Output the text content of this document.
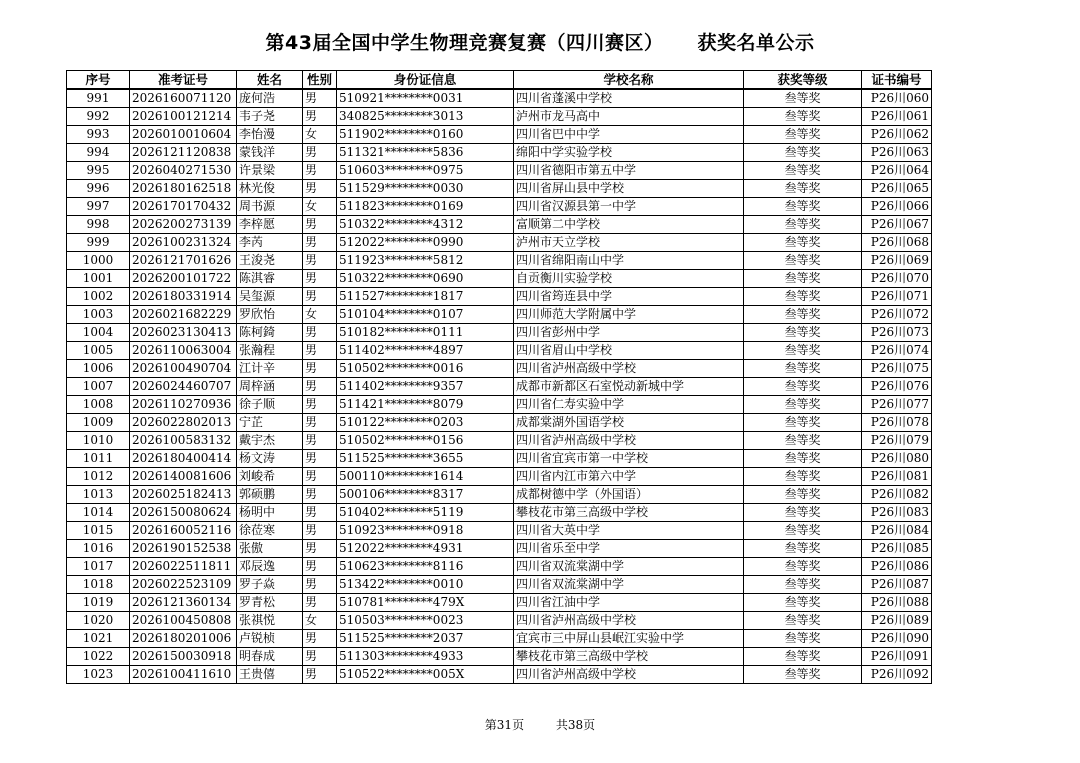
第43届全国中学生物理竞赛复赛（四川赛区） 获奖名单公示
序号	准考证号	姓名	性别	身份证信息	学校名称	获奖等级	证书编号
991	2026160071120	庞何浩	男	510921********0031	四川省蓬溪中学校	叁等奖	P26川060
992	2026100121214	韦子尧	男	340825********3013	泸州市龙马高中	叁等奖	P26川061
993	2026010010604	李怡漫	女	511902********0160	四川省巴中中学	叁等奖	P26川062
994	2026121120838	蒙钱洋	男	511321********5836	绵阳中学实验学校	叁等奖	P26川063
995	2026040271530	许景梁	男	510603********0975	四川省德阳市第五中学	叁等奖	P26川064
996	2026180162518	林光俊	男	511529********0030	四川省屏山县中学校	叁等奖	P26川065
997	2026170170432	周书源	女	511823********0169	四川省汉源县第一中学	叁等奖	P26川066
998	2026200273139	李梓愿	男	510322********4312	富顺第二中学校	叁等奖	P26川067
999	2026100231324	李芮	男	512022********0990	泸州市天立学校	叁等奖	P26川068
1000	2026121701626	王浚尧	男	511923********5812	四川省绵阳南山中学	叁等奖	P26川069
1001	2026200101722	陈淇睿	男	510322********0690	自贡衡川实验学校	叁等奖	P26川070
1002	2026180331914	吴玺源	男	511527********1817	四川省筠连县中学	叁等奖	P26川071
1003	2026021682229	罗欣怡	女	510104********0107	四川师范大学附属中学	叁等奖	P26川072
1004	2026023130413	陈柯錡	男	510182********0111	四川省彭州中学	叁等奖	P26川073
1005	2026110063004	张瀚程	男	511402********4897	四川省眉山中学校	叁等奖	P26川074
1006	2026100490704	江计辛	男	510502********0016	四川省泸州高级中学校	叁等奖	P26川075
1007	2026024460707	周梓涵	男	511402********9357	成都市新都区石室悦动新城中学	叁等奖	P26川076
1008	2026110270936	徐子顺	男	511421********8079	四川省仁寿实验中学	叁等奖	P26川077
1009	2026022802013	宁芷	男	510122********0203	成都棠湖外国语学校	叁等奖	P26川078
1010	2026100583132	戴宇杰	男	510502********0156	四川省泸州高级中学校	叁等奖	P26川079
1011	2026180400414	杨文涛	男	511525********3655	四川省宜宾市第一中学校	叁等奖	P26川080
1012	2026140081606	刘峻希	男	500110********1614	四川省内江市第六中学	叁等奖	P26川081
1013	2026025182413	郭硕鹏	男	500106********8317	成都树德中学（外国语）	叁等奖	P26川082
1014	2026150080624	杨明中	男	510402********5119	攀枝花市第三高级中学校	叁等奖	P26川083
1015	2026160052116	徐莅寒	男	510923********0918	四川省大英中学	叁等奖	P26川084
1016	2026190152538	张傲	男	512022********4931	四川省乐至中学	叁等奖	P26川085
1017	2026022511811	邓辰逸	男	510623********8116	四川省双流棠湖中学	叁等奖	P26川086
1018	2026022523109	罗子焱	男	513422********0010	四川省双流棠湖中学	叁等奖	P26川087
1019	2026121360134	罗青松	男	510781********479X	四川省江油中学	叁等奖	P26川088
1020	2026100450808	张祺悦	女	510503********0023	四川省泸州高级中学校	叁等奖	P26川089
1021	2026180201006	卢锐桢	男	511525********2037	宜宾市三中屏山县岷江实验中学	叁等奖	P26川090
1022	2026150030918	明春成	男	511303********4933	攀枝花市第三高级中学校	叁等奖	P26川091
1023	2026100411610	王贵僖	男	510522********005X	四川省泸州高级中学校	叁等奖	P26川092
第31页	共38页
